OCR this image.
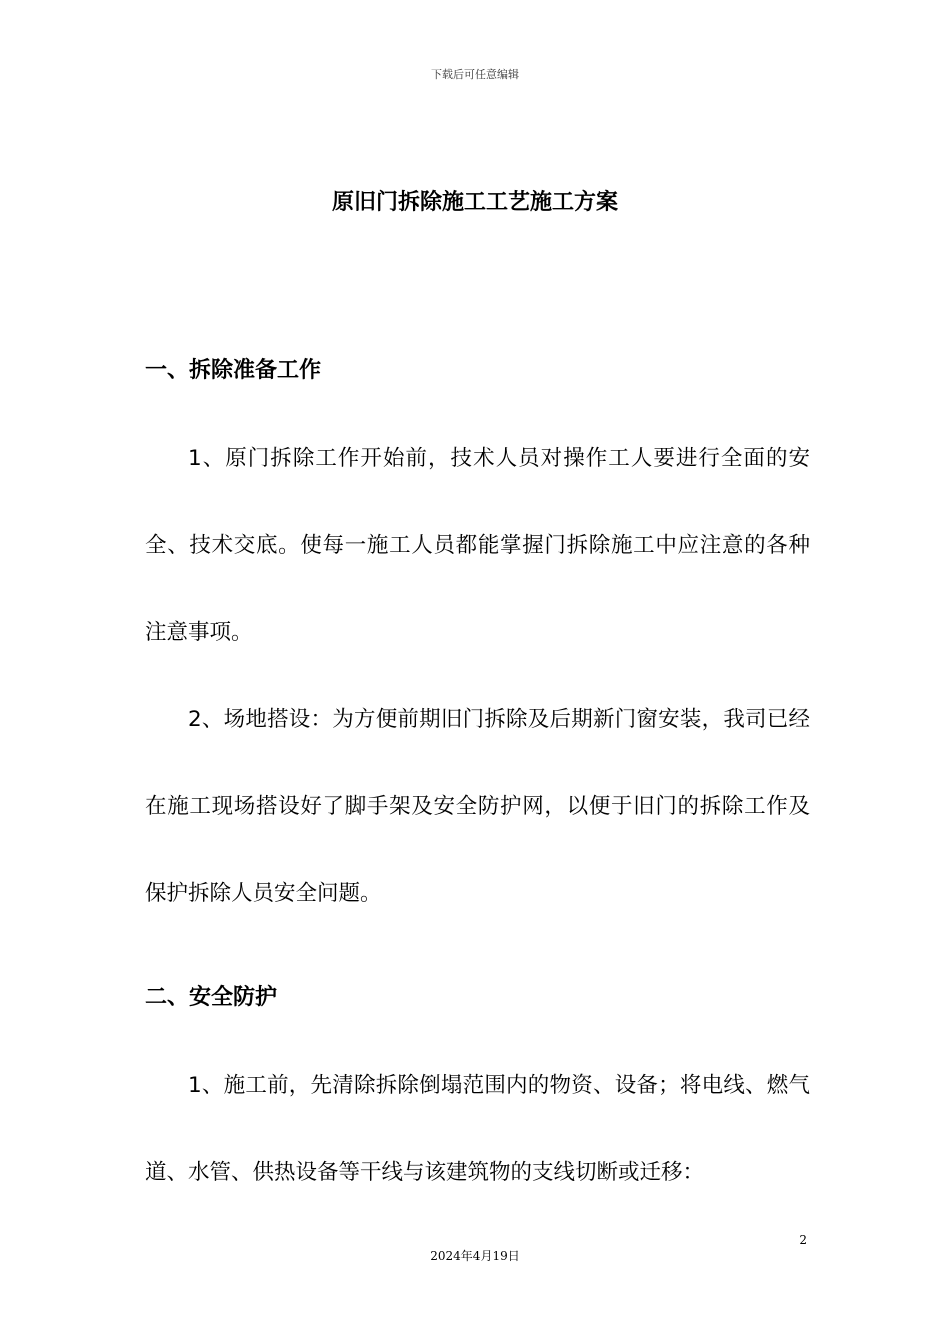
下载后可任意编辑
原旧门拆除施工工艺施工方案
一、拆除准备工作

1、原门拆除工作开始前，技术人员对操作工人要进行全面的安全、技术交底。使每一施工人员都能掌握门拆除施工中应注意的各种注意事项。

2、场地搭设：为方便前期旧门拆除及后期新门窗安装，我司已经在施工现场搭设好了脚手架及安全防护网，以便于旧门的拆除工作及保护拆除人员安全问题。

二、安全防护

1、施工前，先清除拆除倒塌范围内的物资、设备；将电线、燃气道、水管、供热设备等干线与该建筑物的支线切断或迁移：

2
2024年4月19日
